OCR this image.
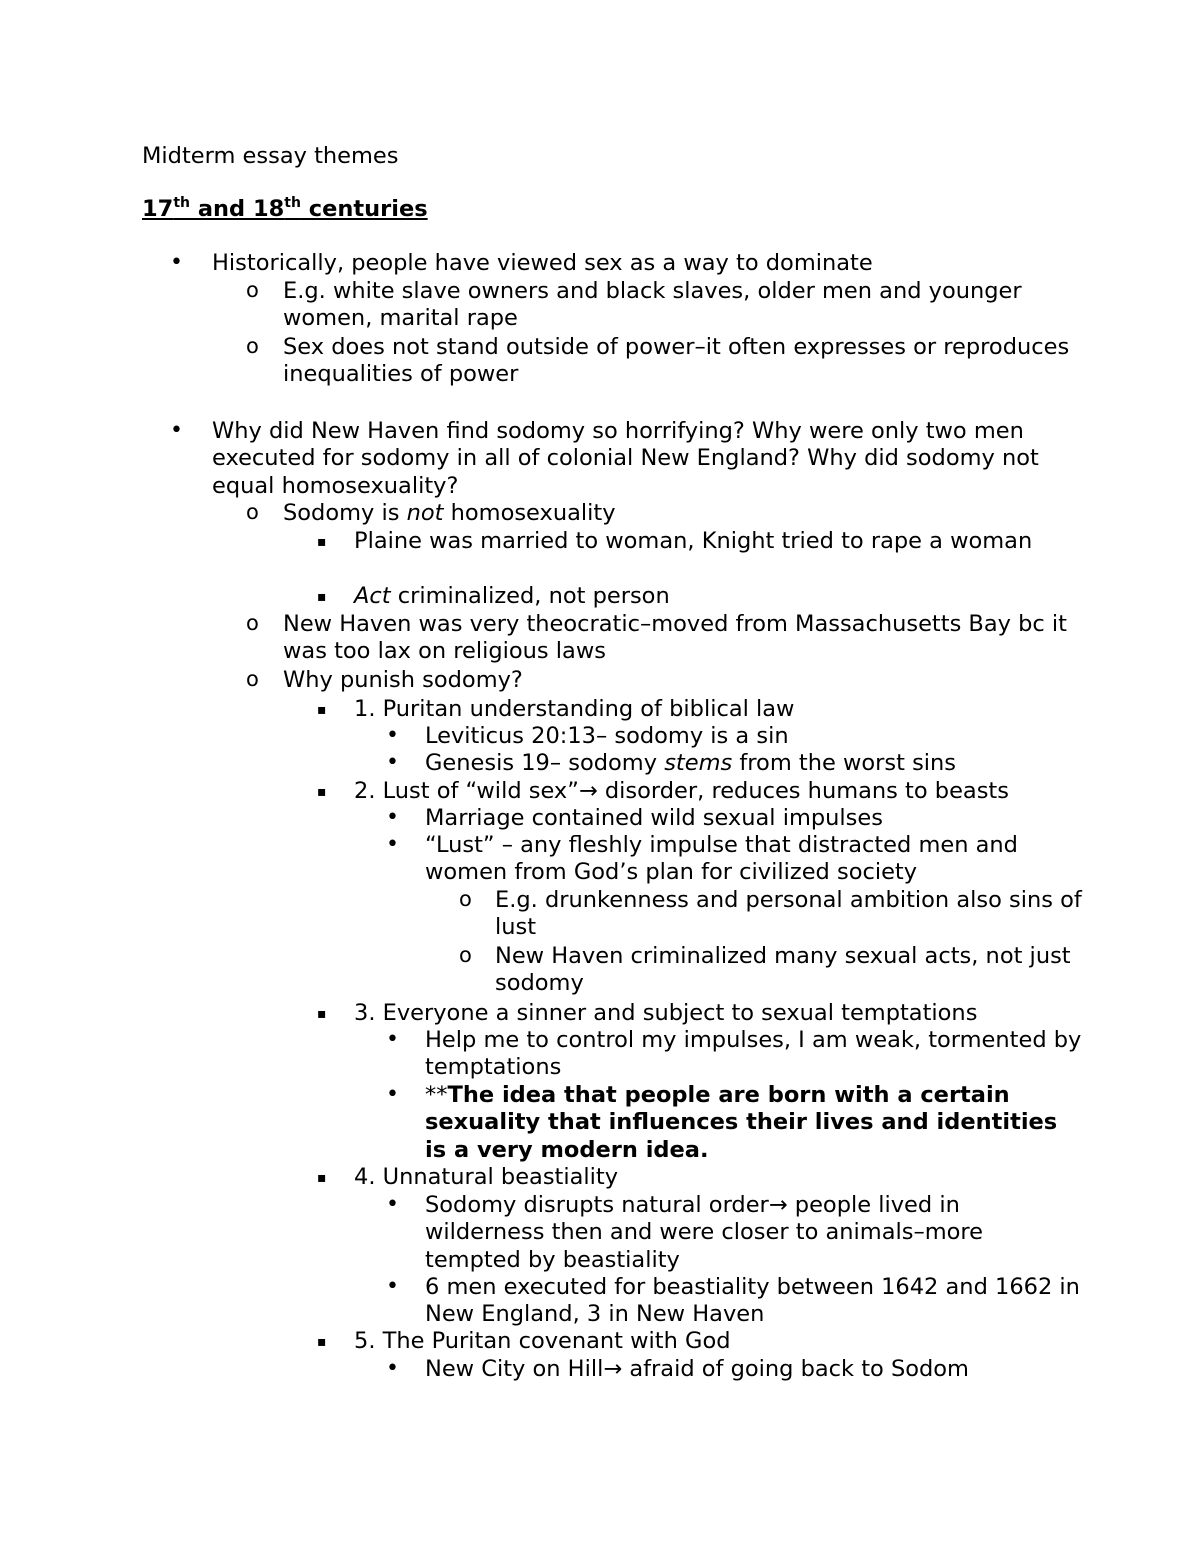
Midterm essay themes
17th and 18th centuries
• Historically, people have viewed sex as a way to dominate
o E.g. white slave owners and black slaves, older men and younger women, marital rape
o Sex does not stand outside of power–it often expresses or reproduces inequalities of power
• Why did New Haven find sodomy so horrifying? Why were only two men executed for sodomy in all of colonial New England? Why did sodomy not equal homosexuality?
o Sodomy is not homosexuality
▪ Plaine was married to woman, Knight tried to rape a woman
▪ Act criminalized, not person
o New Haven was very theocratic–moved from Massachusetts Bay bc it was too lax on religious laws
o Why punish sodomy?
▪ 1. Puritan understanding of biblical law
• Leviticus 20:13– sodomy is a sin
• Genesis 19– sodomy stems from the worst sins
▪ 2. Lust of “wild sex”→ disorder, reduces humans to beasts
• Marriage contained wild sexual impulses
• “Lust” – any fleshly impulse that distracted men and women from God’s plan for civilized society
o E.g. drunkenness and personal ambition also sins of lust
o New Haven criminalized many sexual acts, not just sodomy
▪ 3. Everyone a sinner and subject to sexual temptations
• Help me to control my impulses, I am weak, tormented by temptations
• **The idea that people are born with a certain sexuality that influences their lives and identities is a very modern idea.
▪ 4. Unnatural beastiality
• Sodomy disrupts natural order→ people lived in wilderness then and were closer to animals–more tempted by beastiality
• 6 men executed for beastiality between 1642 and 1662 in New England, 3 in New Haven
▪ 5. The Puritan covenant with God
• New City on Hill→ afraid of going back to Sodom
